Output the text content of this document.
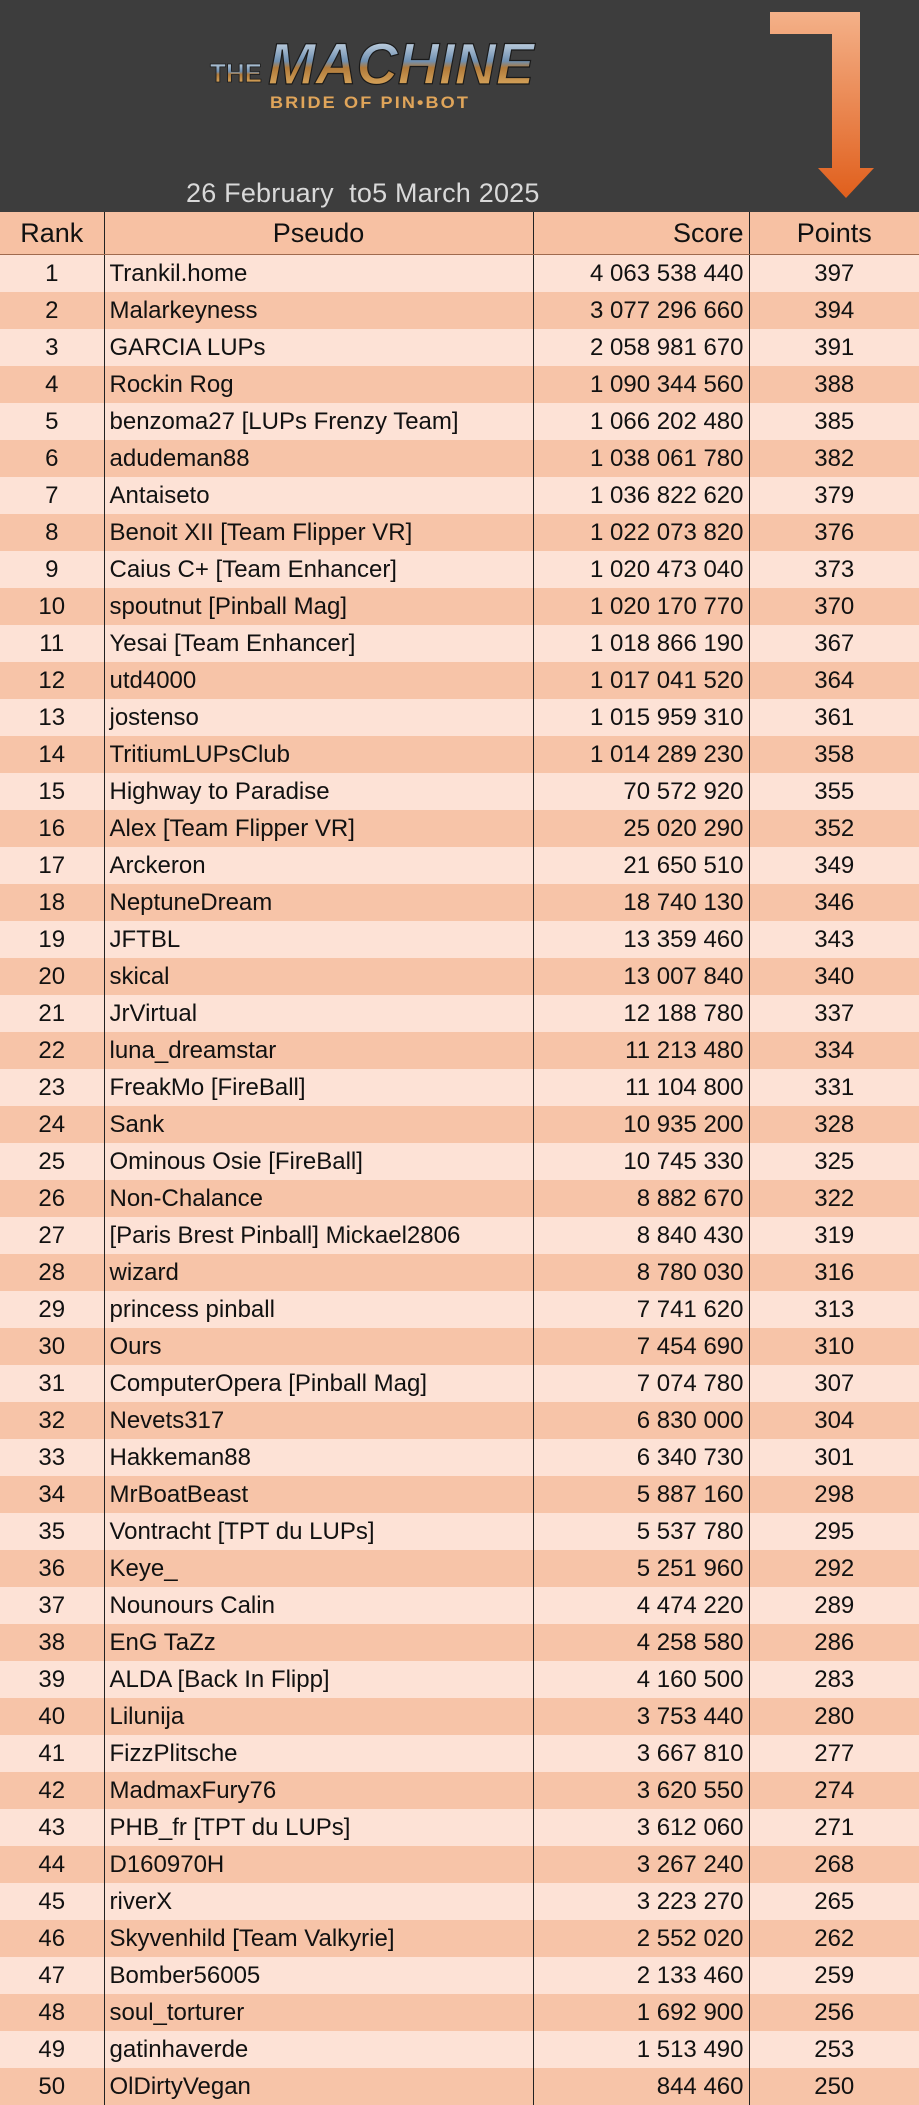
THE MACHINE
BRIDE OF PIN•BOT
26 February  to5 March 2025
Rank	Pseudo	Score	Points
1	Trankil.home	4 063 538 440	397
2	Malarkeyness	3 077 296 660	394
3	GARCIA LUPs	2 058 981 670	391
4	Rockin Rog	1 090 344 560	388
5	benzoma27 [LUPs Frenzy Team]	1 066 202 480	385
6	adudeman88	1 038 061 780	382
7	Antaiseto	1 036 822 620	379
8	Benoit XII [Team Flipper VR]	1 022 073 820	376
9	Caius C+ [Team Enhancer]	1 020 473 040	373
10	spoutnut [Pinball Mag]	1 020 170 770	370
11	Yesai [Team Enhancer]	1 018 866 190	367
12	utd4000	1 017 041 520	364
13	jostenso	1 015 959 310	361
14	TritiumLUPsClub	1 014 289 230	358
15	Highway to Paradise	70 572 920	355
16	Alex [Team Flipper VR]	25 020 290	352
17	Arckeron	21 650 510	349
18	NeptuneDream	18 740 130	346
19	JFTBL	13 359 460	343
20	skical	13 007 840	340
21	JrVirtual	12 188 780	337
22	luna_dreamstar	11 213 480	334
23	FreakMo [FireBall]	11 104 800	331
24	Sank	10 935 200	328
25	Ominous Osie [FireBall]	10 745 330	325
26	Non-Chalance	8 882 670	322
27	[Paris Brest Pinball] Mickael2806	8 840 430	319
28	wizard	8 780 030	316
29	princess pinball	7 741 620	313
30	Ours	7 454 690	310
31	ComputerOpera [Pinball Mag]	7 074 780	307
32	Nevets317	6 830 000	304
33	Hakkeman88	6 340 730	301
34	MrBoatBeast	5 887 160	298
35	Vontracht [TPT du LUPs]	5 537 780	295
36	Keye_	5 251 960	292
37	Nounours Calin	4 474 220	289
38	EnG TaZz	4 258 580	286
39	ALDA [Back In Flipp]	4 160 500	283
40	Lilunija	3 753 440	280
41	FizzPlitsche	3 667 810	277
42	MadmaxFury76	3 620 550	274
43	PHB_fr [TPT du LUPs]	3 612 060	271
44	D160970H	3 267 240	268
45	riverX	3 223 270	265
46	Skyvenhild [Team Valkyrie]	2 552 020	262
47	Bomber56005	2 133 460	259
48	soul_torturer	1 692 900	256
49	gatinhaverde	1 513 490	253
50	OlDirtyVegan	844 460	250
